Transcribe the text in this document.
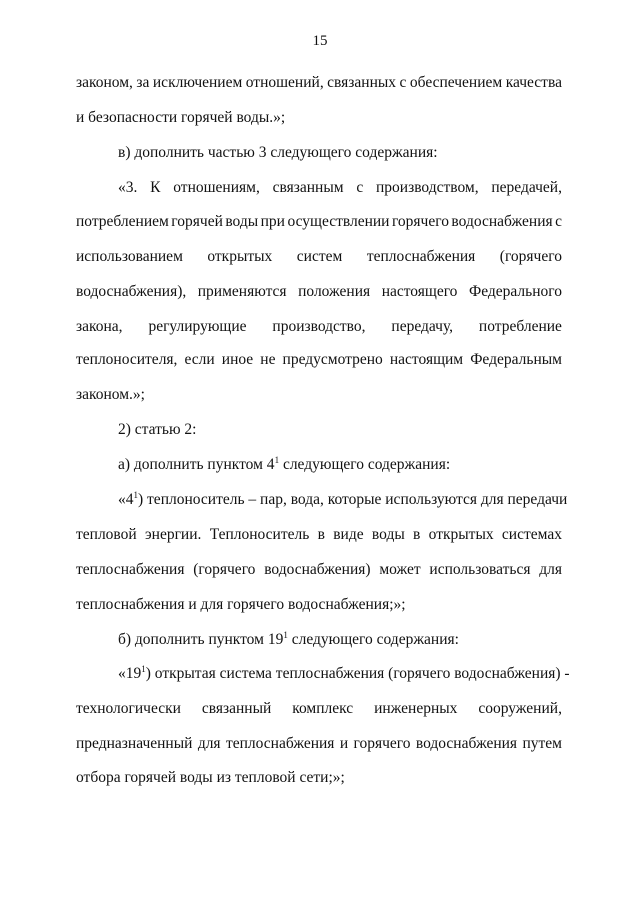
15
законом, за исключением отношений, связанных с обеспечением качества
и безопасности горячей воды.»;
в) дополнить частью 3 следующего содержания:
«3. К отношениям, связанным с производством, передачей,
потреблением горячей воды при осуществлении горячего водоснабжения с
использованием открытых систем теплоснабжения (горячего
водоснабжения), применяются положения настоящего Федерального
закона, регулирующие производство, передачу, потребление
теплоносителя, если иное не предусмотрено настоящим Федеральным
законом.»;
2) статью 2:
а) дополнить пунктом $4^1$ следующего содержания:
«$4^1$) теплоноситель – пар, вода, которые используются для передачи
тепловой энергии. Теплоноситель в виде воды в открытых системах
теплоснабжения (горячего водоснабжения) может использоваться для
теплоснабжения и для горячего водоснабжения;»;
б) дополнить пунктом $19^1$ следующего содержания:
«$19^1$) открытая система теплоснабжения (горячего водоснабжения) -
технологически связанный комплекс инженерных сооружений,
предназначенный для теплоснабжения и горячего водоснабжения путем
отбора горячей воды из тепловой сети;»;
